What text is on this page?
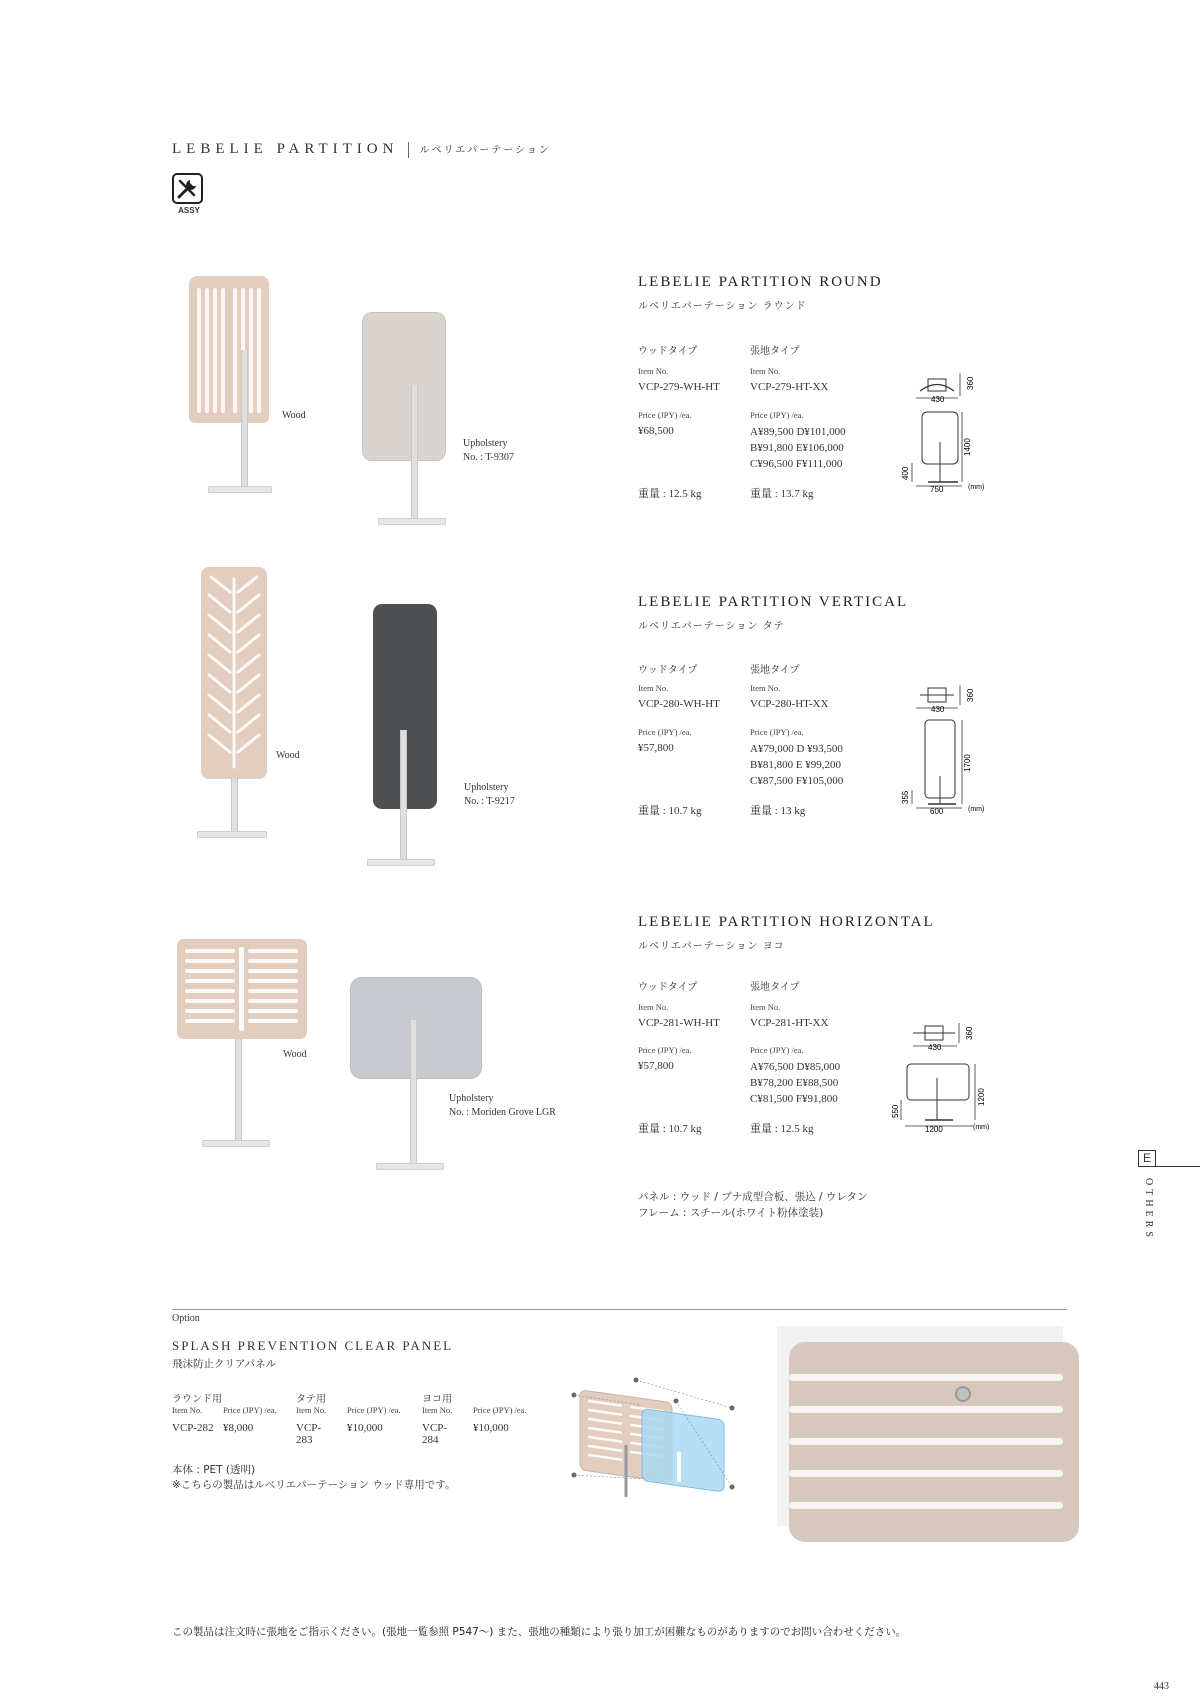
LEBELIE PARTITION ルベリエパーテーション
ASSY
Wood
Upholstery
No. : T-9307
LEBELIE PARTITION ROUND
ルベリエパーテーション ラウンド
ウッドタイプ	張地タイプ
Item No.	Item No.
VCP-279-WH-HT	VCP-279-HT-XX
Price (JPY) /ea.	Price (JPY) /ea.
¥68,500	A¥89,500 D¥101,000
B¥91,800 E¥106,000
C¥96,500 F¥111,000
重量 : 12.5 kg	重量 : 13.7 kg
430
360
1400
400
750	(mm)
Wood
Upholstery
No. : T-9217
LEBELIE PARTITION VERTICAL
ルベリエパーテーション タテ
ウッドタイプ	張地タイプ
Item No.	Item No.
VCP-280-WH-HT	VCP-280-HT-XX
Price (JPY) /ea.	Price (JPY) /ea.
¥57,800	A¥79,000 D ¥93,500
B¥81,800 E ¥99,200
C¥87,500 F¥105,000
重量 : 10.7 kg	重量 : 13 kg
430
360
1700
355
600	(mm)
Wood
Upholstery
No. : Moriden Grove LGR
LEBELIE PARTITION HORIZONTAL
ルベリエパーテーション ヨコ
ウッドタイプ	張地タイプ
Item No.	Item No.
VCP-281-WH-HT	VCP-281-HT-XX
Price (JPY) /ea.	Price (JPY) /ea.
¥57,800	A¥76,500 D¥85,000
B¥78,200 E¥88,500
C¥81,500 F¥91,800
重量 : 10.7 kg	重量 : 12.5 kg
430
360
1200
550
1200	(mm)
パネル : ウッド / ブナ成型合板、張込 / ウレタン
フレーム : スチール(ホワイト粉体塗装)
E
OTHERS
Option
SPLASH PREVENTION CLEAR PANEL
飛沫防止クリアパネル
ラウンド用
Item No. Price (JPY) /ea.
VCP-282 ¥8,000
タテ用
Item No. Price (JPY) /ea.
VCP-283
¥10,000
ヨコ用
Item No. Price (JPY) /ea.
VCP-284
¥10,000
本体 : PET (透明)
※こちらの製品はルベリエパーテーション ウッド専用です。
この製品は注文時に張地をご指示ください。(張地一覧参照 P547〜) また、張地の種類により張り加工が困難なものがありますのでお問い合わせください。
443
